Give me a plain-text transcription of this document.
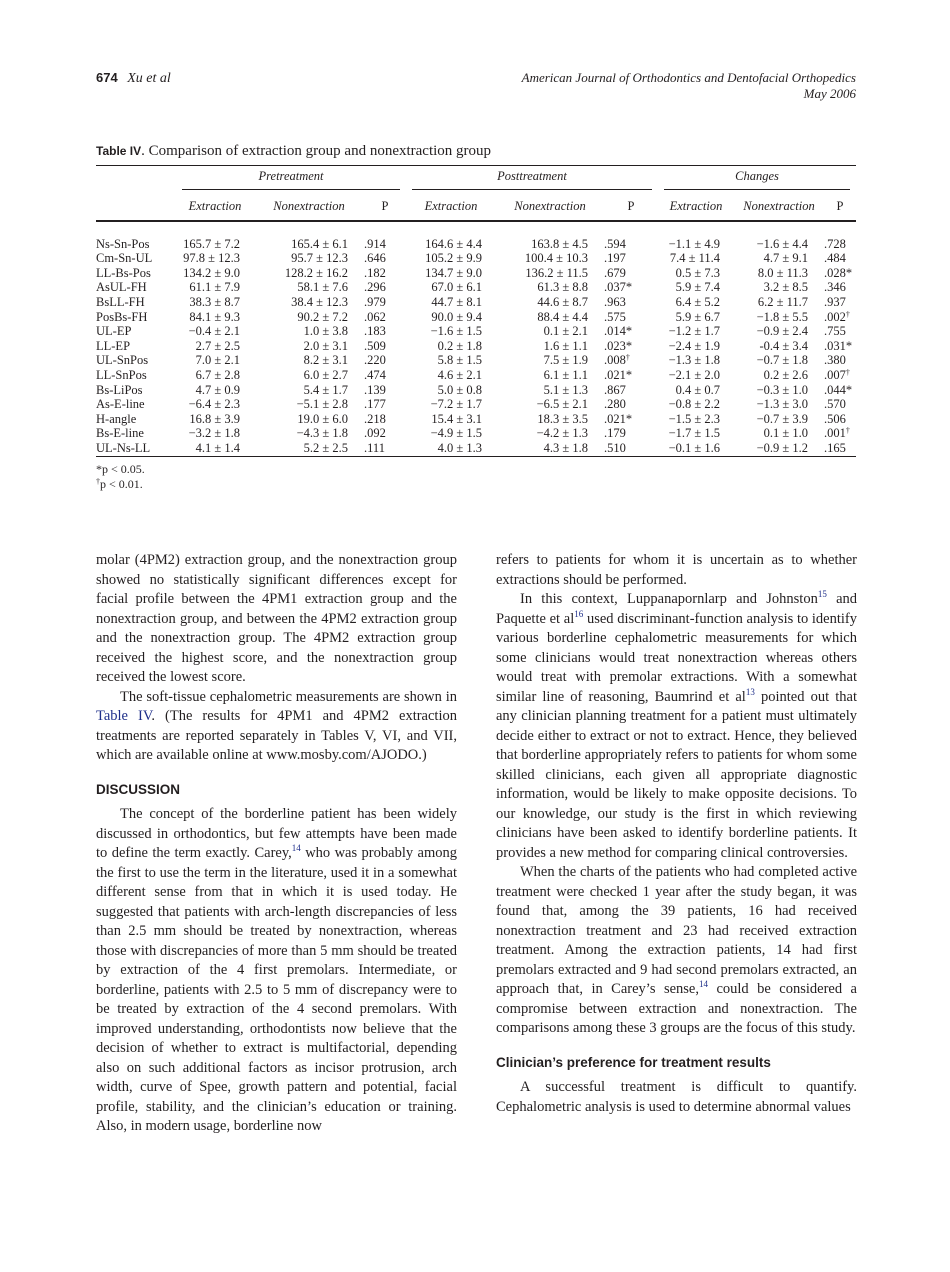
674 Xu et al	American Journal of Orthodontics and Dentofacial Orthopedics
May 2006
Table IV. Comparison of extraction group and nonextraction group

	Pretreatment			Posttreatment			Changes		

	Extraction	Nonextraction	P	Extraction	Nonextraction	P	Extraction	Nonextraction	P

Ns-Sn-Pos	165.7 ± 7.2	165.4 ± 6.1	.914	164.6 ± 4.4	163.8 ± 4.5	.594	−1.1 ± 4.9	−1.6 ± 4.4	.728
Cm-Sn-UL	97.8 ± 12.3	95.7 ± 12.3	.646	105.2 ± 9.9	100.4 ± 10.3	.197	7.4 ± 11.4	4.7 ± 9.1	.484
LL-Bs-Pos	134.2 ± 9.0	128.2 ± 16.2	.182	134.7 ± 9.0	136.2 ± 11.5	.679	0.5 ± 7.3	8.0 ± 11.3	.028*
AsUL-FH	61.1 ± 7.9	58.1 ± 7.6	.296	67.0 ± 6.1	61.3 ± 8.8	.037*	5.9 ± 7.4	3.2 ± 8.5	.346
BsLL-FH	38.3 ± 8.7	38.4 ± 12.3	.979	44.7 ± 8.1	44.6 ± 8.7	.963	6.4 ± 5.2	6.2 ± 11.7	.937
PosBs-FH	84.1 ± 9.3	90.2 ± 7.2	.062	90.0 ± 9.4	88.4 ± 4.4	.575	5.9 ± 6.7	−1.8 ± 5.5	.002†
UL-EP	−0.4 ± 2.1	1.0 ± 3.8	.183	−1.6 ± 1.5	0.1 ± 2.1	.014*	−1.2 ± 1.7	−0.9 ± 2.4	.755
LL-EP	2.7 ± 2.5	2.0 ± 3.1	.509	0.2 ± 1.8	1.6 ± 1.1	.023*	−2.4 ± 1.9	-0.4 ± 3.4	.031*
UL-SnPos	7.0 ± 2.1	8.2 ± 3.1	.220	5.8 ± 1.5	7.5 ± 1.9	.008†	−1.3 ± 1.8	−0.7 ± 1.8	.380
LL-SnPos	6.7 ± 2.8	6.0 ± 2.7	.474	4.6 ± 2.1	6.1 ± 1.1	.021*	−2.1 ± 2.0	0.2 ± 2.6	.007†
Bs-LiPos	4.7 ± 0.9	5.4 ± 1.7	.139	5.0 ± 0.8	5.1 ± 1.3	.867	0.4 ± 0.7	−0.3 ± 1.0	.044*
As-E-line	−6.4 ± 2.3	−5.1 ± 2.8	.177	−7.2 ± 1.7	−6.5 ± 2.1	.280	−0.8 ± 2.2	−1.3 ± 3.0	.570
H-angle	16.8 ± 3.9	19.0 ± 6.0	.218	15.4 ± 3.1	18.3 ± 3.5	.021*	−1.5 ± 2.3	−0.7 ± 3.9	.506
Bs-E-line	−3.2 ± 1.8	−4.3 ± 1.8	.092	−4.9 ± 1.5	−4.2 ± 1.3	.179	−1.7 ± 1.5	0.1 ± 1.0	.001†
UL-Ns-LL	4.1 ± 1.4	5.2 ± 2.5	.111	4.0 ± 1.3	4.3 ± 1.8	.510	−0.1 ± 1.6	−0.9 ± 1.2	.165
*p < 0.05.
†p < 0.01.

molar (4PM2) extraction group, and the nonextraction group showed no statistically significant differences except for facial profile between the 4PM1 extraction group and the nonextraction group, and between the 4PM2 extraction group and the nonextraction group. The 4PM2 extraction group received the highest score, and the nonextraction group received the lowest score.

The soft-tissue cephalometric measurements are shown in Table IV. (The results for 4PM1 and 4PM2 extraction treatments are reported separately in Tables V, VI, and VII, which are available online at www.mosby.com/AJODO.)

DISCUSSION

The concept of the borderline patient has been widely discussed in orthodontics, but few attempts have been made to define the term exactly. Carey,$^{14}$ who was probably among the first to use the term in the literature, used it in a somewhat different sense from that in which it is used today. He suggested that patients with arch-length discrepancies of less than 2.5 mm should be treated by nonextraction, whereas those with discrepancies of more than 5 mm should be treated by extraction of the 4 first premolars. Intermediate, or borderline, patients with 2.5 to 5 mm of discrepancy were to be treated by extraction of the 4 second premolars. With improved understanding, orthodontists now believe that the decision of whether to extract is multifactorial, depending also on such additional factors as incisor protrusion, arch width, curve of Spee, growth pattern and potential, facial profile, stability, and the clinician’s education or training. Also, in modern usage, borderline now

refers to patients for whom it is uncertain as to whether extractions should be performed.

In this context, Luppanapornlarp and Johnston$^{15}$ and Paquette et al$^{16}$ used discriminant-function analysis to identify various borderline cephalometric measurements for which some clinicians would treat nonextraction whereas others would treat with premolar extractions. With a somewhat similar line of reasoning, Baumrind et al$^{13}$ pointed out that any clinician planning treatment for a patient must ultimately decide either to extract or not to extract. Hence, they believed that borderline appropriately refers to patients for whom some skilled clinicians, each given all appropriate diagnostic information, would be likely to make opposite decisions. To our knowledge, our study is the first in which reviewing clinicians have been asked to identify borderline patients. It provides a new method for comparing clinical controversies.

When the charts of the patients who had completed active treatment were checked 1 year after the study began, it was found that, among the 39 patients, 16 had received nonextraction treatment and 23 had received extraction treatment. Among the extraction patients, 14 had first premolars extracted and 9 had second premolars extracted, an approach that, in Carey’s sense,$^{14}$ could be considered a compromise between extraction and nonextraction. The comparisons among these 3 groups are the focus of this study.

Clinician’s preference for treatment results

A successful treatment is difficult to quantify. Cephalometric analysis is used to determine abnormal values
